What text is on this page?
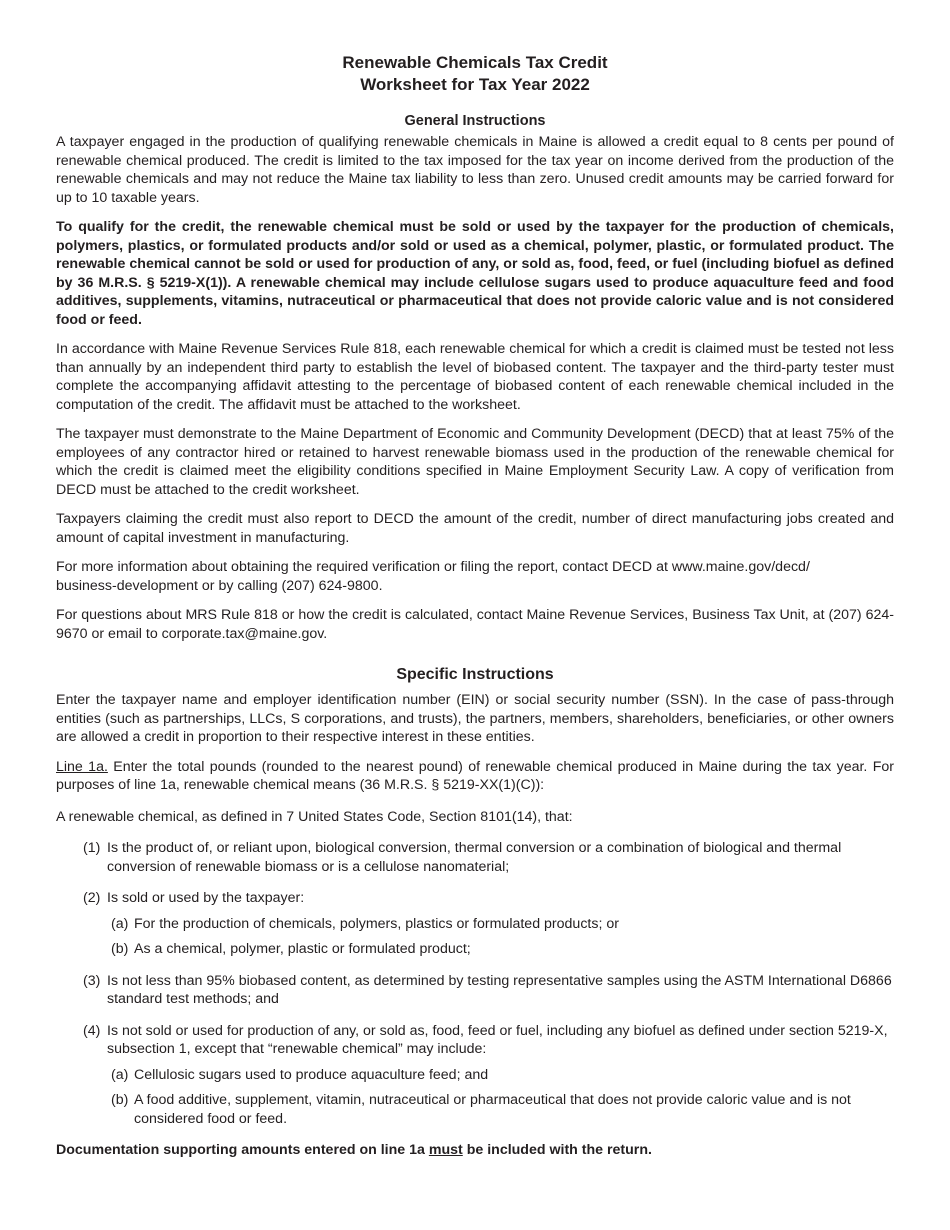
Renewable Chemicals Tax Credit
Worksheet for Tax Year 2022
General Instructions

A taxpayer engaged in the production of qualifying renewable chemicals in Maine is allowed a credit equal to 8 cents per pound of renewable chemical produced. The credit is limited to the tax imposed for the tax year on income derived from the production of the renewable chemicals and may not reduce the Maine tax liability to less than zero. Unused credit amounts may be carried forward for up to 10 taxable years.

To qualify for the credit, the renewable chemical must be sold or used by the taxpayer for the production of chemicals, polymers, plastics, or formulated products and/or sold or used as a chemical, polymer, plastic, or formulated product. The renewable chemical cannot be sold or used for production of any, or sold as, food, feed, or fuel (including biofuel as defined by 36 M.R.S. § 5219-X(1)). A renewable chemical may include cellulose sugars used to produce aquaculture feed and food additives, supplements, vitamins, nutraceutical or pharmaceutical that does not provide caloric value and is not considered food or feed.

In accordance with Maine Revenue Services Rule 818, each renewable chemical for which a credit is claimed must be tested not less than annually by an independent third party to establish the level of biobased content. The taxpayer and the third-party tester must complete the accompanying affidavit attesting to the percentage of biobased content of each renewable chemical included in the computation of the credit. The affidavit must be attached to the worksheet.

The taxpayer must demonstrate to the Maine Department of Economic and Community Development (DECD) that at least 75% of the employees of any contractor hired or retained to harvest renewable biomass used in the production of the renewable chemical for which the credit is claimed meet the eligibility conditions specified in Maine Employment Security Law. A copy of verification from DECD must be attached to the credit worksheet.

Taxpayers claiming the credit must also report to DECD the amount of the credit, number of direct manufacturing jobs created and amount of capital investment in manufacturing.

For more information about obtaining the required verification or filing the report, contact DECD at www.maine.gov/decd/
business-development or by calling (207) 624-9800.

For questions about MRS Rule 818 or how the credit is calculated, contact Maine Revenue Services, Business Tax Unit, at (207) 624-9670 or email to corporate.tax@maine.gov.

Specific Instructions

Enter the taxpayer name and employer identification number (EIN) or social security number (SSN). In the case of pass-through entities (such as partnerships, LLCs, S corporations, and trusts), the partners, members, shareholders, beneficiaries, or other owners are allowed a credit in proportion to their respective interest in these entities.

Line 1a. Enter the total pounds (rounded to the nearest pound) of renewable chemical produced in Maine during the tax year. For purposes of line 1a, renewable chemical means (36 M.R.S. § 5219-XX(1)(C)):

A renewable chemical, as defined in 7 United States Code, Section 8101(14), that:

(1) Is the product of, or reliant upon, biological conversion, thermal conversion or a combination of biological and thermal conversion of renewable biomass or is a cellulose nanomaterial;
(2) Is sold or used by the taxpayer:
(a) For the production of chemicals, polymers, plastics or formulated products; or
(b) As a chemical, polymer, plastic or formulated product;
(3) Is not less than 95% biobased content, as determined by testing representative samples using the ASTM International D6866 standard test methods; and
(4) Is not sold or used for production of any, or sold as, food, feed or fuel, including any biofuel as defined under section 5219-X, subsection 1, except that “renewable chemical” may include:
(a) Cellulosic sugars used to produce aquaculture feed; and
(b) A food additive, supplement, vitamin, nutraceutical or pharmaceutical that does not provide caloric value and is not considered food or feed.

Documentation supporting amounts entered on line 1a must be included with the return.
